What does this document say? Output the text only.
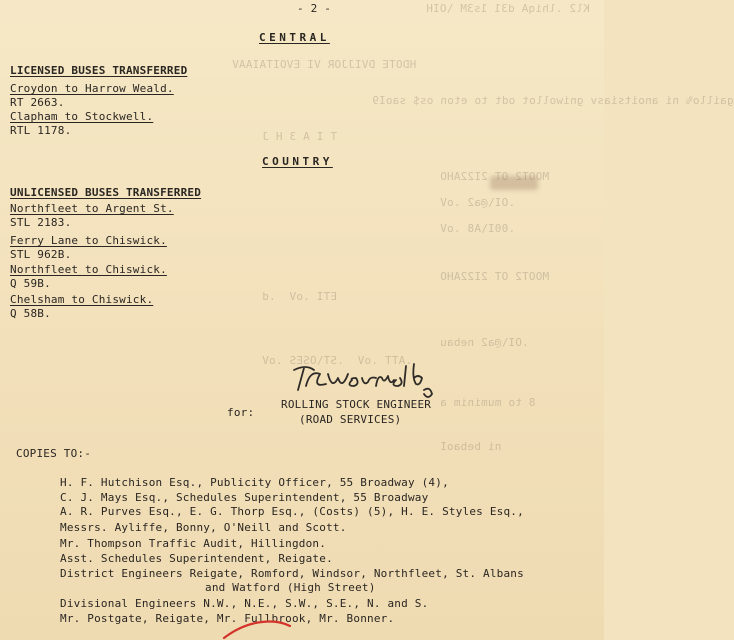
Kl2 .lhiqA d31 1s3M \OIH
HDOTE DVIJJOR VI EVOITAIAAV
gaillo% ni anoitsiasv gniwollot odt to eton os$ saoI9
T I A 3 H J
MOOT2 OT 2I22AHO
.OI\@a2 .oV
.00I\A8 .oV
MOOT2 OT 2I22AHO
ETI .oV  .d
.OI\@a2 nebau
.ATT .oV  .ST\OSES .oV
8 to muminim a
ni bebaoI
- 2 -
CENTRAL
LICENSED BUSES TRANSFERRED
Croydon to Harrow Weald.
RT 2663.
Clapham to Stockwell.
RTL 1178.
COUNTRY
UNLICENSED BUSES TRANSFERRED
Northfleet to Argent St.
STL 2183.
Ferry Lane to Chiswick.
STL 962B.
Northfleet to Chiswick.
Q 59B.
Chelsham to Chiswick.
Q 58B.
for:
ROLLING STOCK ENGINEER
(ROAD SERVICES)
COPIES TO:-
H. F. Hutchison Esq., Publicity Officer, 55 Broadway (4),
C. J. Mays Esq., Schedules Superintendent, 55 Broadway
A. R. Purves Esq., E. G. Thorp Esq., (Costs) (5), H. E. Styles Esq.,
Messrs. Ayliffe, Bonny, O'Neill and Scott.
Mr. Thompson Traffic Audit, Hillingdon.
Asst. Schedules Superintendent, Reigate.
District Engineers Reigate, Romford, Windsor, Northfleet, St. Albans
and Watford (High Street)
Divisional Engineers N.W., N.E., S.W., S.E., N. and S.
Mr. Postgate, Reigate, Mr. Fullbrook, Mr. Bonner.
